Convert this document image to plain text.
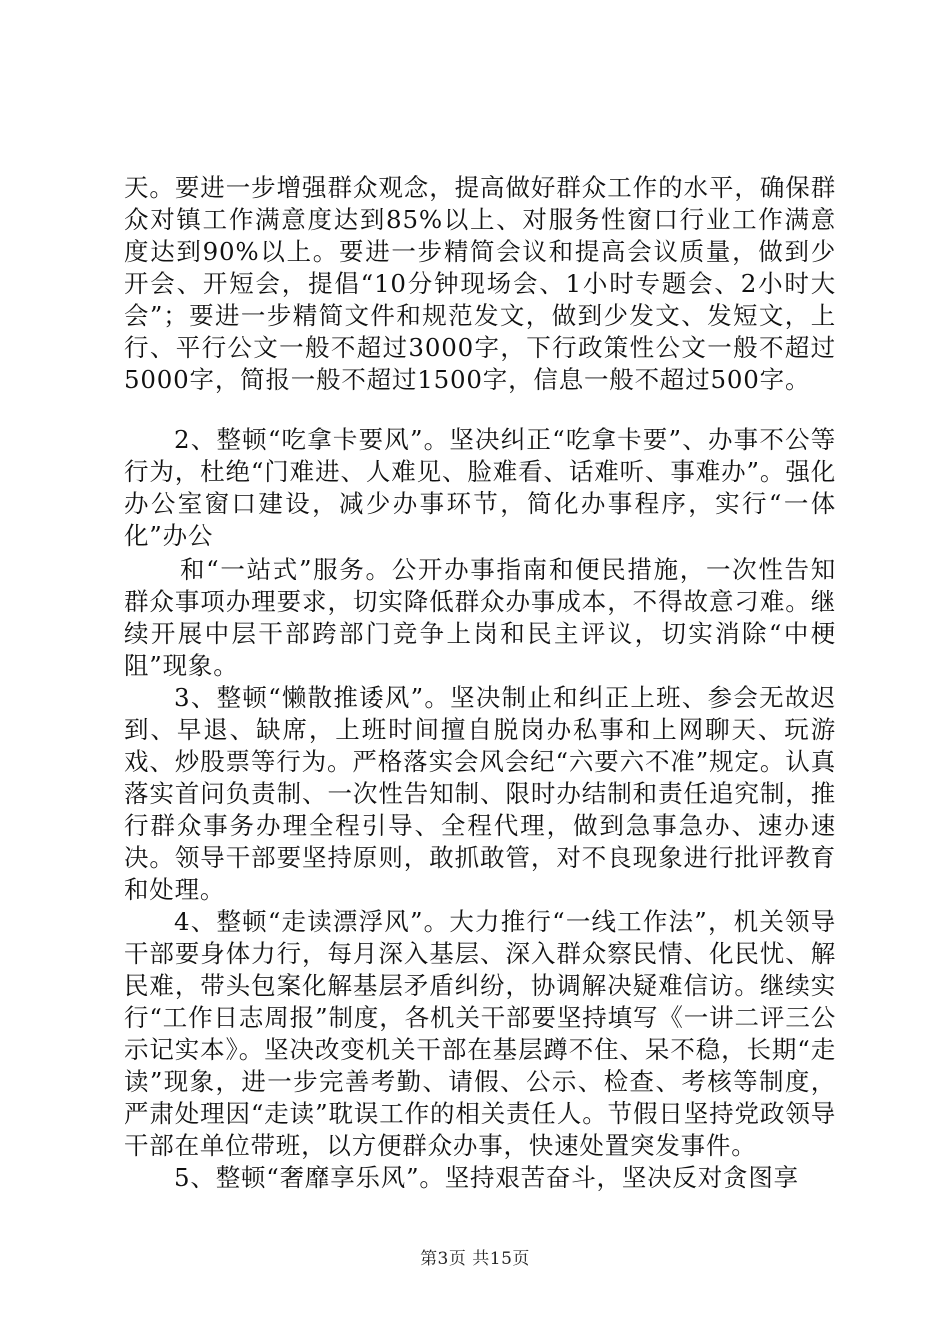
天。要进一步增强群众观念，提高做好群众工作的水平，确保群众对镇工作满意度达到85%以上、对服务性窗口行业工作满意度达到90%以上。要进一步精简会议和提高会议质量，做到少开会、开短会，提倡“10分钟现场会、1小时专题会、2小时大会”；要进一步精简文件和规范发文，做到少发文、发短文，上行、平行公文一般不超过3000字，下行政策性公文一般不超过5000字，简报一般不超过1500字，信息一般不超过500字。

2、整顿“吃拿卡要风”。坚决纠正“吃拿卡要”、办事不公等行为，杜绝“门难进、人难见、脸难看、话难听、事难办”。强化办公室窗口建设，减少办事环节，简化办事程序，实行“一体化”办公

和“一站式”服务。公开办事指南和便民措施，一次性告知群众事项办理要求，切实降低群众办事成本，不得故意刁难。继续开展中层干部跨部门竞争上岗和民主评议，切实消除“中梗阻”现象。

3、整顿“懒散推诿风”。坚决制止和纠正上班、参会无故迟到、早退、缺席，上班时间擅自脱岗办私事和上网聊天、玩游戏、炒股票等行为。严格落实会风会纪“六要六不准”规定。认真落实首问负责制、一次性告知制、限时办结制和责任追究制，推行群众事务办理全程引导、全程代理，做到急事急办、速办速决。领导干部要坚持原则，敢抓敢管，对不良现象进行批评教育和处理。

4、整顿“走读漂浮风”。大力推行“一线工作法”，机关领导干部要身体力行，每月深入基层、深入群众察民情、化民忧、解民难，带头包案化解基层矛盾纠纷，协调解决疑难信访。继续实行“工作日志周报”制度，各机关干部要坚持填写《一讲二评三公示记实本》。坚决改变机关干部在基层蹲不住、呆不稳，长期“走读”现象，进一步完善考勤、请假、公示、检查、考核等制度，严肃处理因“走读”耽误工作的相关责任人。节假日坚持党政领导干部在单位带班，以方便群众办事，快速处置突发事件。

5、整顿“奢靡享乐风”。坚持艰苦奋斗，坚决反对贪图享

第3页 共15页
